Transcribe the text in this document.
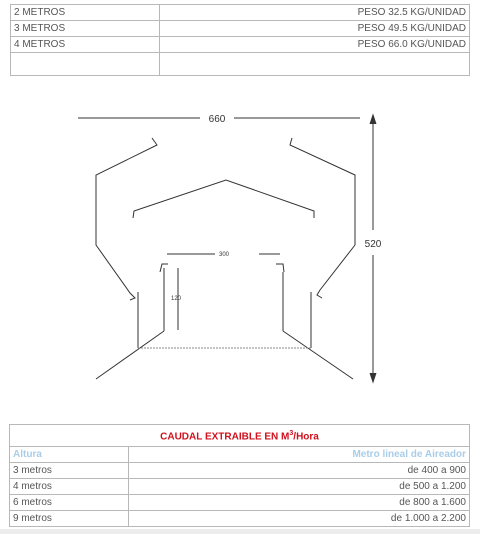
2 METROS	PESO 32.5 KG/UNIDAD
3 METROS	PESO 49.5 KG/UNIDAD
4 METROS	PESO 66.0 KG/UNIDAD

660
520
300
120
CAUDAL EXTRAIBLE EN $M^3$/Hora	
Altura	Metro lineal de Aireador
3 metros	de 400 a 900
4 metros	de 500 a 1.200
6 metros	de 800 a 1.600
9 metros	de 1.000 a 2.200
